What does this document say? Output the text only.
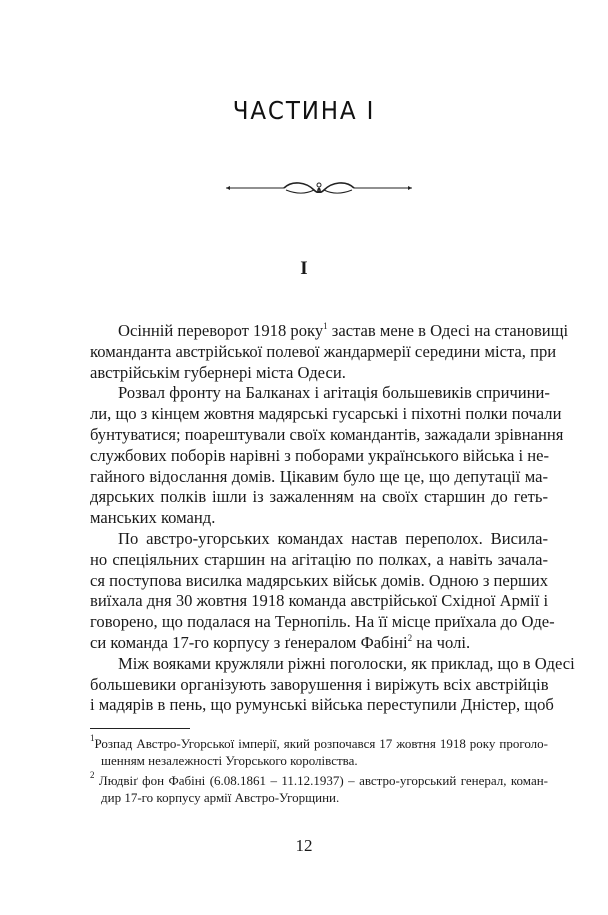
ЧАСТИНА I
I
Осінній переворот 1918 року$^1$ застав мене в Одесі на становищі
команданта австрійської полевої жандармерії середини міста, при
австрійськім губернері міста Одеси.
Розвал фронту на Балканах і агітація большевиків спричини-
ли, що з кінцем жовтня мадярські гусарські і піхотні полки почали
бунтуватися; поарештували своїх командантів, зажадали зрівнання
службових поборів нарівні з поборами українського війська і не-
гайного відослання домів. Цікавим було ще це, що депутації ма-
дярських полків ішли із зажаленням на своїх старшин до геть-
манських команд.
По австро-угорських командах настав переполох. Висила-
но спеціяльних старшин на агітацію по полках, а навіть зачала-
ся поступова висилка мадярських військ домів. Одною з перших
виїхала дня 30 жовтня 1918 команда австрійської Східної Армії і
говорено, що подалася на Тернопіль. На її місце приїхала до Оде-
си команда 17-го корпусу з ґенералом Фабіні$^2$ на чолі.
Між вояками кружляли ріжні поголоски, як приклад, що в Одесі
большевики організують заворушення і виріжуть всіх австрійців
і мадярів в пень, що румунські війська переступили Дністер, щоб
$^1$Розпад Австро-Угорської імперії, який розпочався 17 жовтня 1918 року проголо-
шенням незалежності Угорського королівства.
$^2$ Людвіґ фон Фабіні (6.08.1861 – 11.12.1937) – австро-угорський генерал, коман-
дир 17-го корпусу армії Австро-Угорщини.
12
